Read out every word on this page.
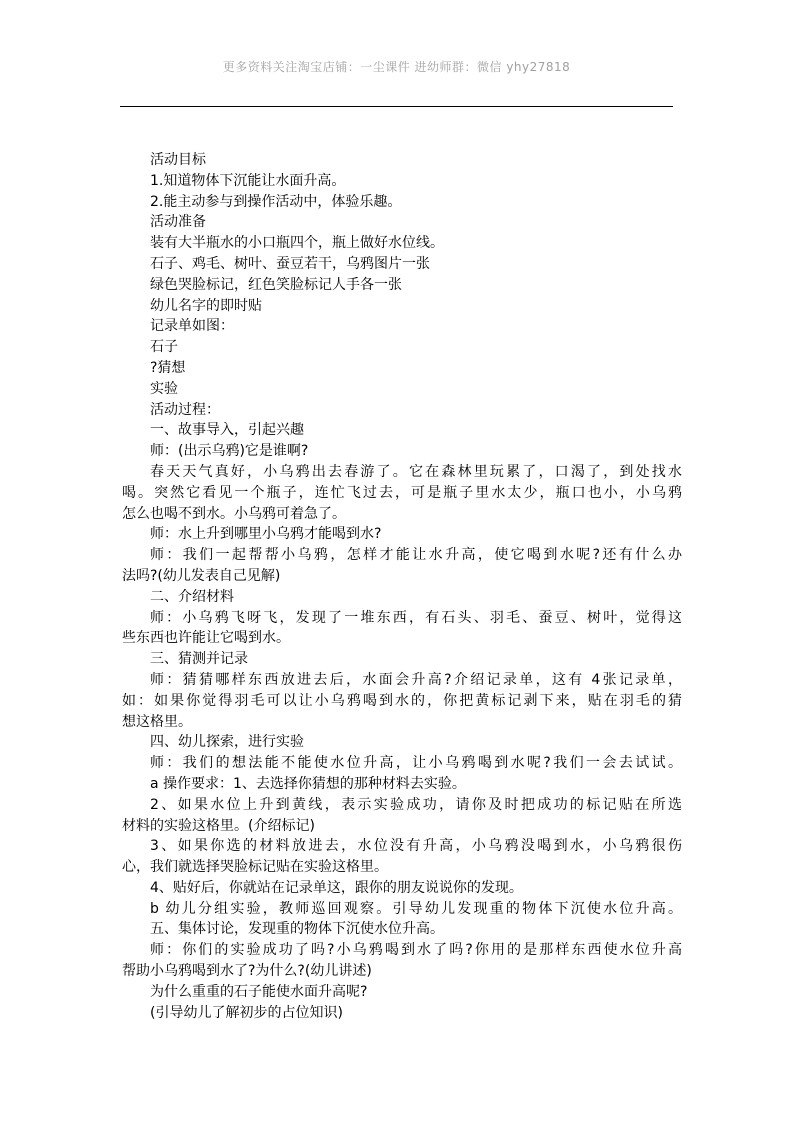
更多资料关注淘宝店铺：一尘课件 进幼师群：微信 yhy27818
活动目标
1.知道物体下沉能让水面升高。
2.能主动参与到操作活动中，体验乐趣。
活动准备
装有大半瓶水的小口瓶四个，瓶上做好水位线。
石子、鸡毛、树叶、蚕豆若干，乌鸦图片一张
绿色哭脸标记，红色笑脸标记人手各一张
幼儿名字的即时贴
记录单如图：
石子
?猜想
实验
活动过程：
一、故事导入，引起兴趣
师：(出示乌鸦)它是谁啊?
春天天气真好，小乌鸦出去春游了。它在森林里玩累了，口渴了，到处找水
喝。突然它看见一个瓶子，连忙飞过去，可是瓶子里水太少，瓶口也小，小乌鸦
怎么也喝不到水。小乌鸦可着急了。
师：水上升到哪里小乌鸦才能喝到水?
师：我们一起帮帮小乌鸦，怎样才能让水升高，使它喝到水呢?还有什么办
法吗?(幼儿发表自己见解)
二、介绍材料
师：小乌鸦飞呀飞，发现了一堆东西，有石头、羽毛、蚕豆、树叶，觉得这
些东西也许能让它喝到水。
三、猜测并记录
师：猜猜哪样东西放进去后，水面会升高?介绍记录单，这有 4张记录单，
如：如果你觉得羽毛可以让小乌鸦喝到水的，你把黄标记剥下来，贴在羽毛的猜
想这格里。
四、幼儿探索，进行实验
师：我们的想法能不能使水位升高，让小乌鸦喝到水呢?我们一会去试试。
a 操作要求：1、去选择你猜想的那种材料去实验。
2、如果水位上升到黄线，表示实验成功，请你及时把成功的标记贴在所选
材料的实验这格里。(介绍标记)
3、如果你选的材料放进去，水位没有升高，小乌鸦没喝到水，小乌鸦很伤
心，我们就选择哭脸标记贴在实验这格里。
4、贴好后，你就站在记录单这，跟你的朋友说说你的发现。
b 幼儿分组实验，教师巡回观察。引导幼儿发现重的物体下沉使水位升高。
五、集体讨论，发现重的物体下沉使水位升高。
师：你们的实验成功了吗?小乌鸦喝到水了吗?你用的是那样东西使水位升高
帮助小乌鸦喝到水了?为什么?(幼儿讲述)
为什么重重的石子能使水面升高呢?
(引导幼儿了解初步的占位知识)
